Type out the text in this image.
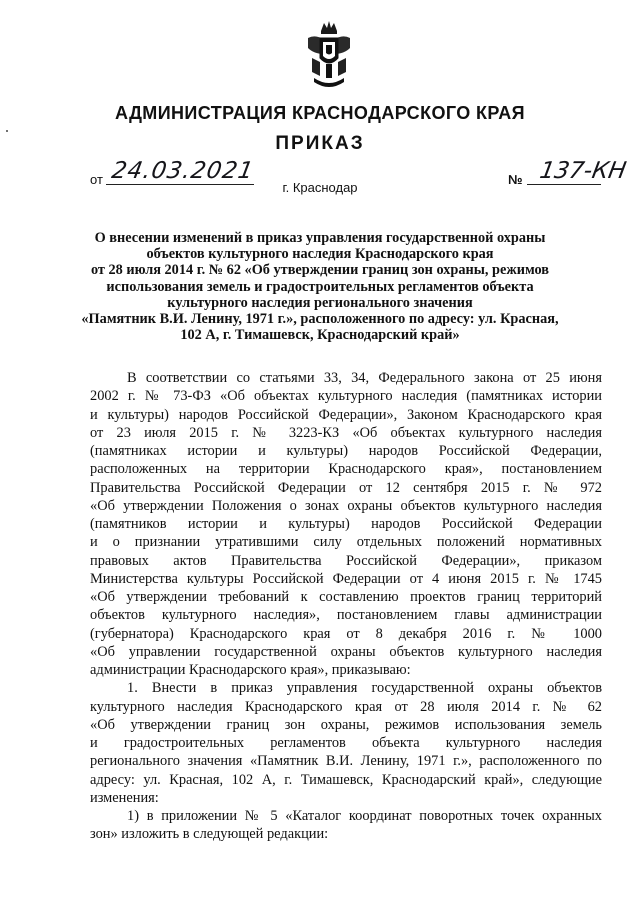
АДМИНИСТРАЦИЯ КРАСНОДАРСКОГО КРАЯ
ПРИКАЗ
от 24.03.2021	№ 137-КН
г. Краснодар
О внесении изменений в приказ управления государственной охраны
объектов культурного наследия Краснодарского края
от 28 июля 2014 г. № 62 «Об утверждении границ зон охраны, режимов
использования земель и градостроительных регламентов объекта
культурного наследия регионального значения
«Памятник В.И. Ленину, 1971 г.», расположенного по адресу: ул. Красная,
102 А, г. Тимашевск, Краснодарский край»

В соответствии со статьями 33, 34, Федерального закона от 25 июня
2002 г. № 73-ФЗ «Об объектах культурного наследия (памятниках истории
и культуры) народов Российской Федерации», Законом Краснодарского края
от 23 июля 2015 г. № 3223-КЗ «Об объектах культурного наследия
(памятниках истории и культуры) народов Российской Федерации,
расположенных на территории Краснодарского края», постановлением
Правительства Российской Федерации от 12 сентября 2015 г. № 972
«Об утверждении Положения о зонах охраны объектов культурного наследия
(памятников истории и культуры) народов Российской Федерации
и о признании утратившими силу отдельных положений нормативных
правовых актов Правительства Российской Федерации», приказом
Министерства культуры Российской Федерации от 4 июня 2015 г. № 1745
«Об утверждении требований к составлению проектов границ территорий
объектов культурного наследия», постановлением главы администрации
(губернатора) Краснодарского края от 8 декабря 2016 г. № 1000
«Об управлении государственной охраны объектов культурного наследия
администрации Краснодарского края», приказываю:

1. Внести в приказ управления государственной охраны объектов
культурного наследия Краснодарского края от 28 июля 2014 г. № 62
«Об утверждении границ зон охраны, режимов использования земель
и градостроительных регламентов объекта культурного наследия
регионального значения «Памятник В.И. Ленину, 1971 г.», расположенного по
адресу: ул. Красная, 102 А, г. Тимашевск, Краснодарский край», следующие
изменения:

1) в приложении № 5 «Каталог координат поворотных точек охранных
зон» изложить в следующей редакции:
